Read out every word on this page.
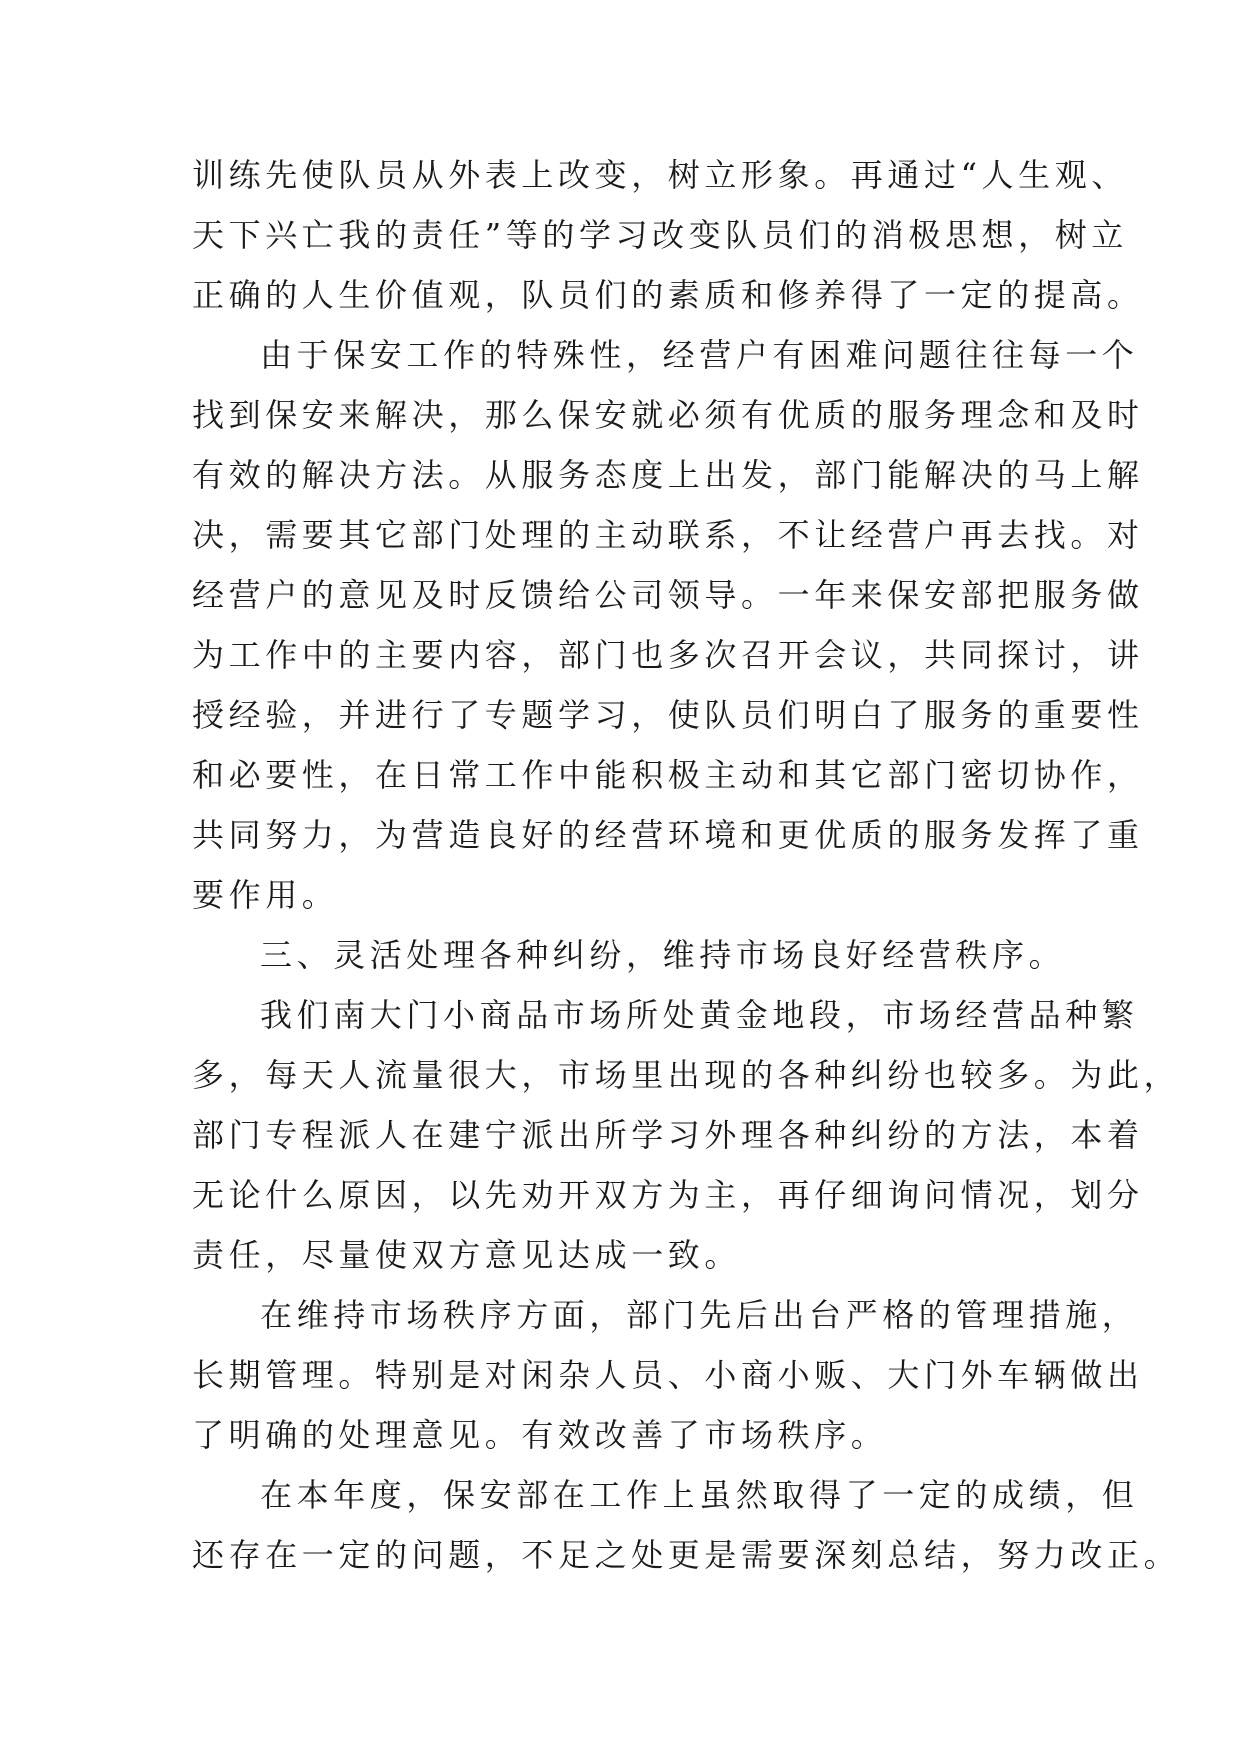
训练先使队员从外表上改变，树立形象。再通过“人生观、
天下兴亡我的责任”等的学习改变队员们的消极思想，树立
正确的人生价值观，队员们的素质和修养得了一定的提高。
由于保安工作的特殊性，经营户有困难问题往往每一个
找到保安来解决，那么保安就必须有优质的服务理念和及时
有效的解决方法。从服务态度上出发，部门能解决的马上解
决，需要其它部门处理的主动联系，不让经营户再去找。对
经营户的意见及时反馈给公司领导。一年来保安部把服务做
为工作中的主要内容，部门也多次召开会议，共同探讨，讲
授经验，并进行了专题学习，使队员们明白了服务的重要性
和必要性，在日常工作中能积极主动和其它部门密切协作，
共同努力，为营造良好的经营环境和更优质的服务发挥了重
要作用。
三、灵活处理各种纠纷，维持市场良好经营秩序。
我们南大门小商品市场所处黄金地段，市场经营品种繁
多，每天人流量很大，市场里出现的各种纠纷也较多。为此，
部门专程派人在建宁派出所学习外理各种纠纷的方法，本着
无论什么原因，以先劝开双方为主，再仔细询问情况，划分
责任，尽量使双方意见达成一致。
在维持市场秩序方面，部门先后出台严格的管理措施，
长期管理。特别是对闲杂人员、小商小贩、大门外车辆做出
了明确的处理意见。有效改善了市场秩序。
在本年度，保安部在工作上虽然取得了一定的成绩，但
还存在一定的问题，不足之处更是需要深刻总结，努力改正。
